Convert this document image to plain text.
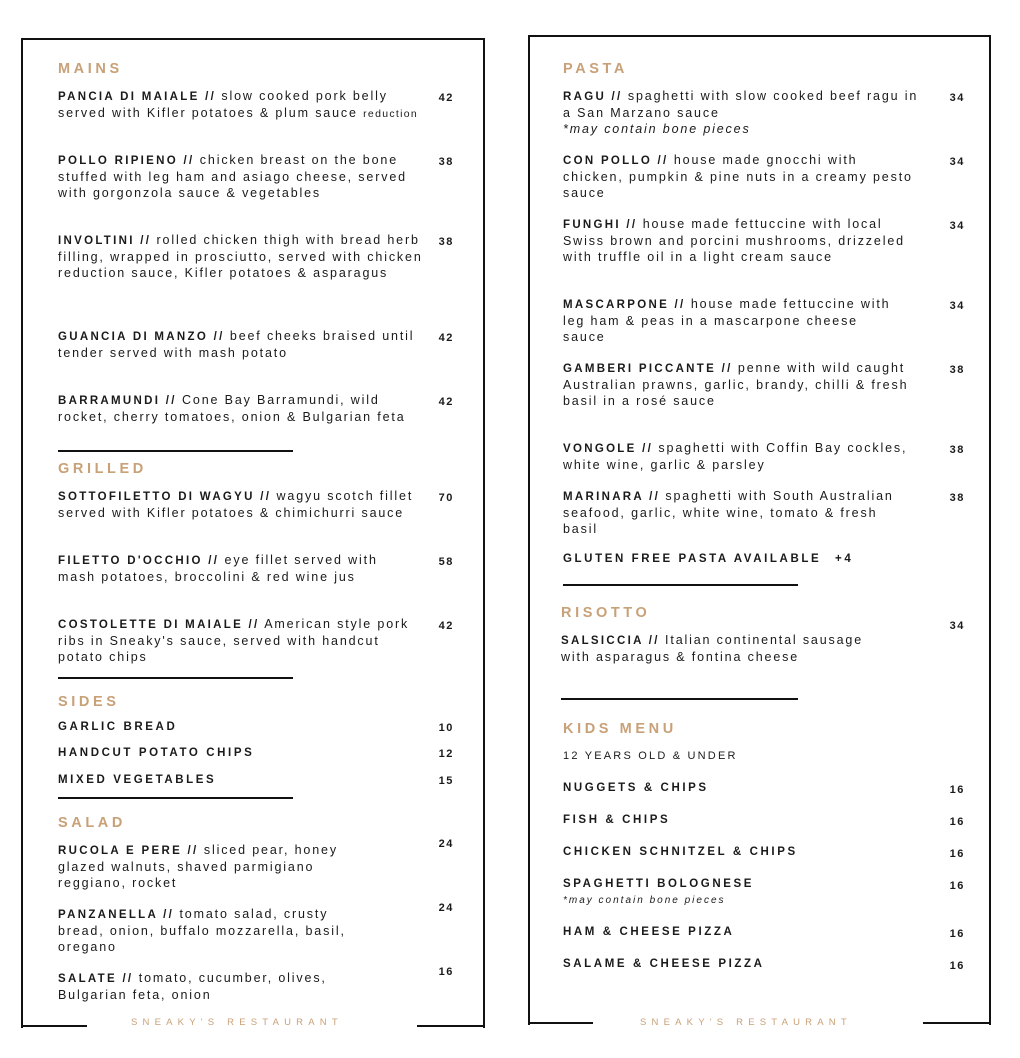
SNEAKY'S RESTAURANT
MAINS
PANCIA DI MAIALE // slow cooked pork belly served with Kifler potatoes & plum sauce reduction
42
POLLO RIPIENO // chicken breast on the bone stuffed with leg ham and asiago cheese, served with gorgonzola sauce & vegetables
38
INVOLTINI // rolled chicken thigh with bread herb filling, wrapped in prosciutto, served with chicken reduction sauce, Kifler potatoes & asparagus
38
GUANCIA DI MANZO // beef cheeks braised until tender served with mash potato
42
BARRAMUNDI // Cone Bay Barramundi, wild rocket, cherry tomatoes, onion & Bulgarian feta
42
GRILLED
SOTTOFILETTO DI WAGYU // wagyu scotch fillet served with Kifler potatoes & chimichurri sauce
70
FILETTO D'OCCHIO // eye fillet served with mash potatoes, broccolini & red wine jus
58
COSTOLETTE DI MAIALE // American style pork ribs in Sneaky's sauce, served with handcut potato chips
42
SIDES
GARLIC BREAD	10
HANDCUT POTATO CHIPS	12
MIXED VEGETABLES	15
SALAD
RUCOLA E PERE // sliced pear, honey glazed walnuts, shaved parmigiano reggiano, rocket
24
PANZANELLA // tomato salad, crusty bread, onion, buffalo mozzarella, basil, oregano
24
SALATE // tomato, cucumber, olives, Bulgarian feta, onion
16
SNEAKY'S RESTAURANT
PASTA
RAGU // spaghetti with slow cooked beef ragu in a San Marzano sauce
*may contain bone pieces
34
CON POLLO // house made gnocchi with chicken, pumpkin & pine nuts in a creamy pesto sauce
34
FUNGHI // house made fettuccine with local Swiss brown and porcini mushrooms, drizzeled with truffle oil in a light cream sauce
34
MASCARPONE // house made fettuccine with leg ham & peas in a mascarpone cheese sauce
34
GAMBERI PICCANTE // penne with wild caught Australian prawns, garlic, brandy, chilli & fresh basil in a rosé sauce
38
VONGOLE // spaghetti with Coffin Bay cockles, white wine, garlic & parsley
38
MARINARA // spaghetti with South Australian seafood, garlic, white wine, tomato & fresh basil
38
GLUTEN FREE PASTA AVAILABLE +4
RISOTTO
SALSICCIA // Italian continental sausage with asparagus & fontina cheese
34
KIDS MENU
12 YEARS OLD & UNDER
NUGGETS & CHIPS	16
FISH & CHIPS	16
CHICKEN SCHNITZEL & CHIPS	16
SPAGHETTI BOLOGNESE
*may contain bone pieces
16
HAM & CHEESE PIZZA	16
SALAME & CHEESE PIZZA	16
